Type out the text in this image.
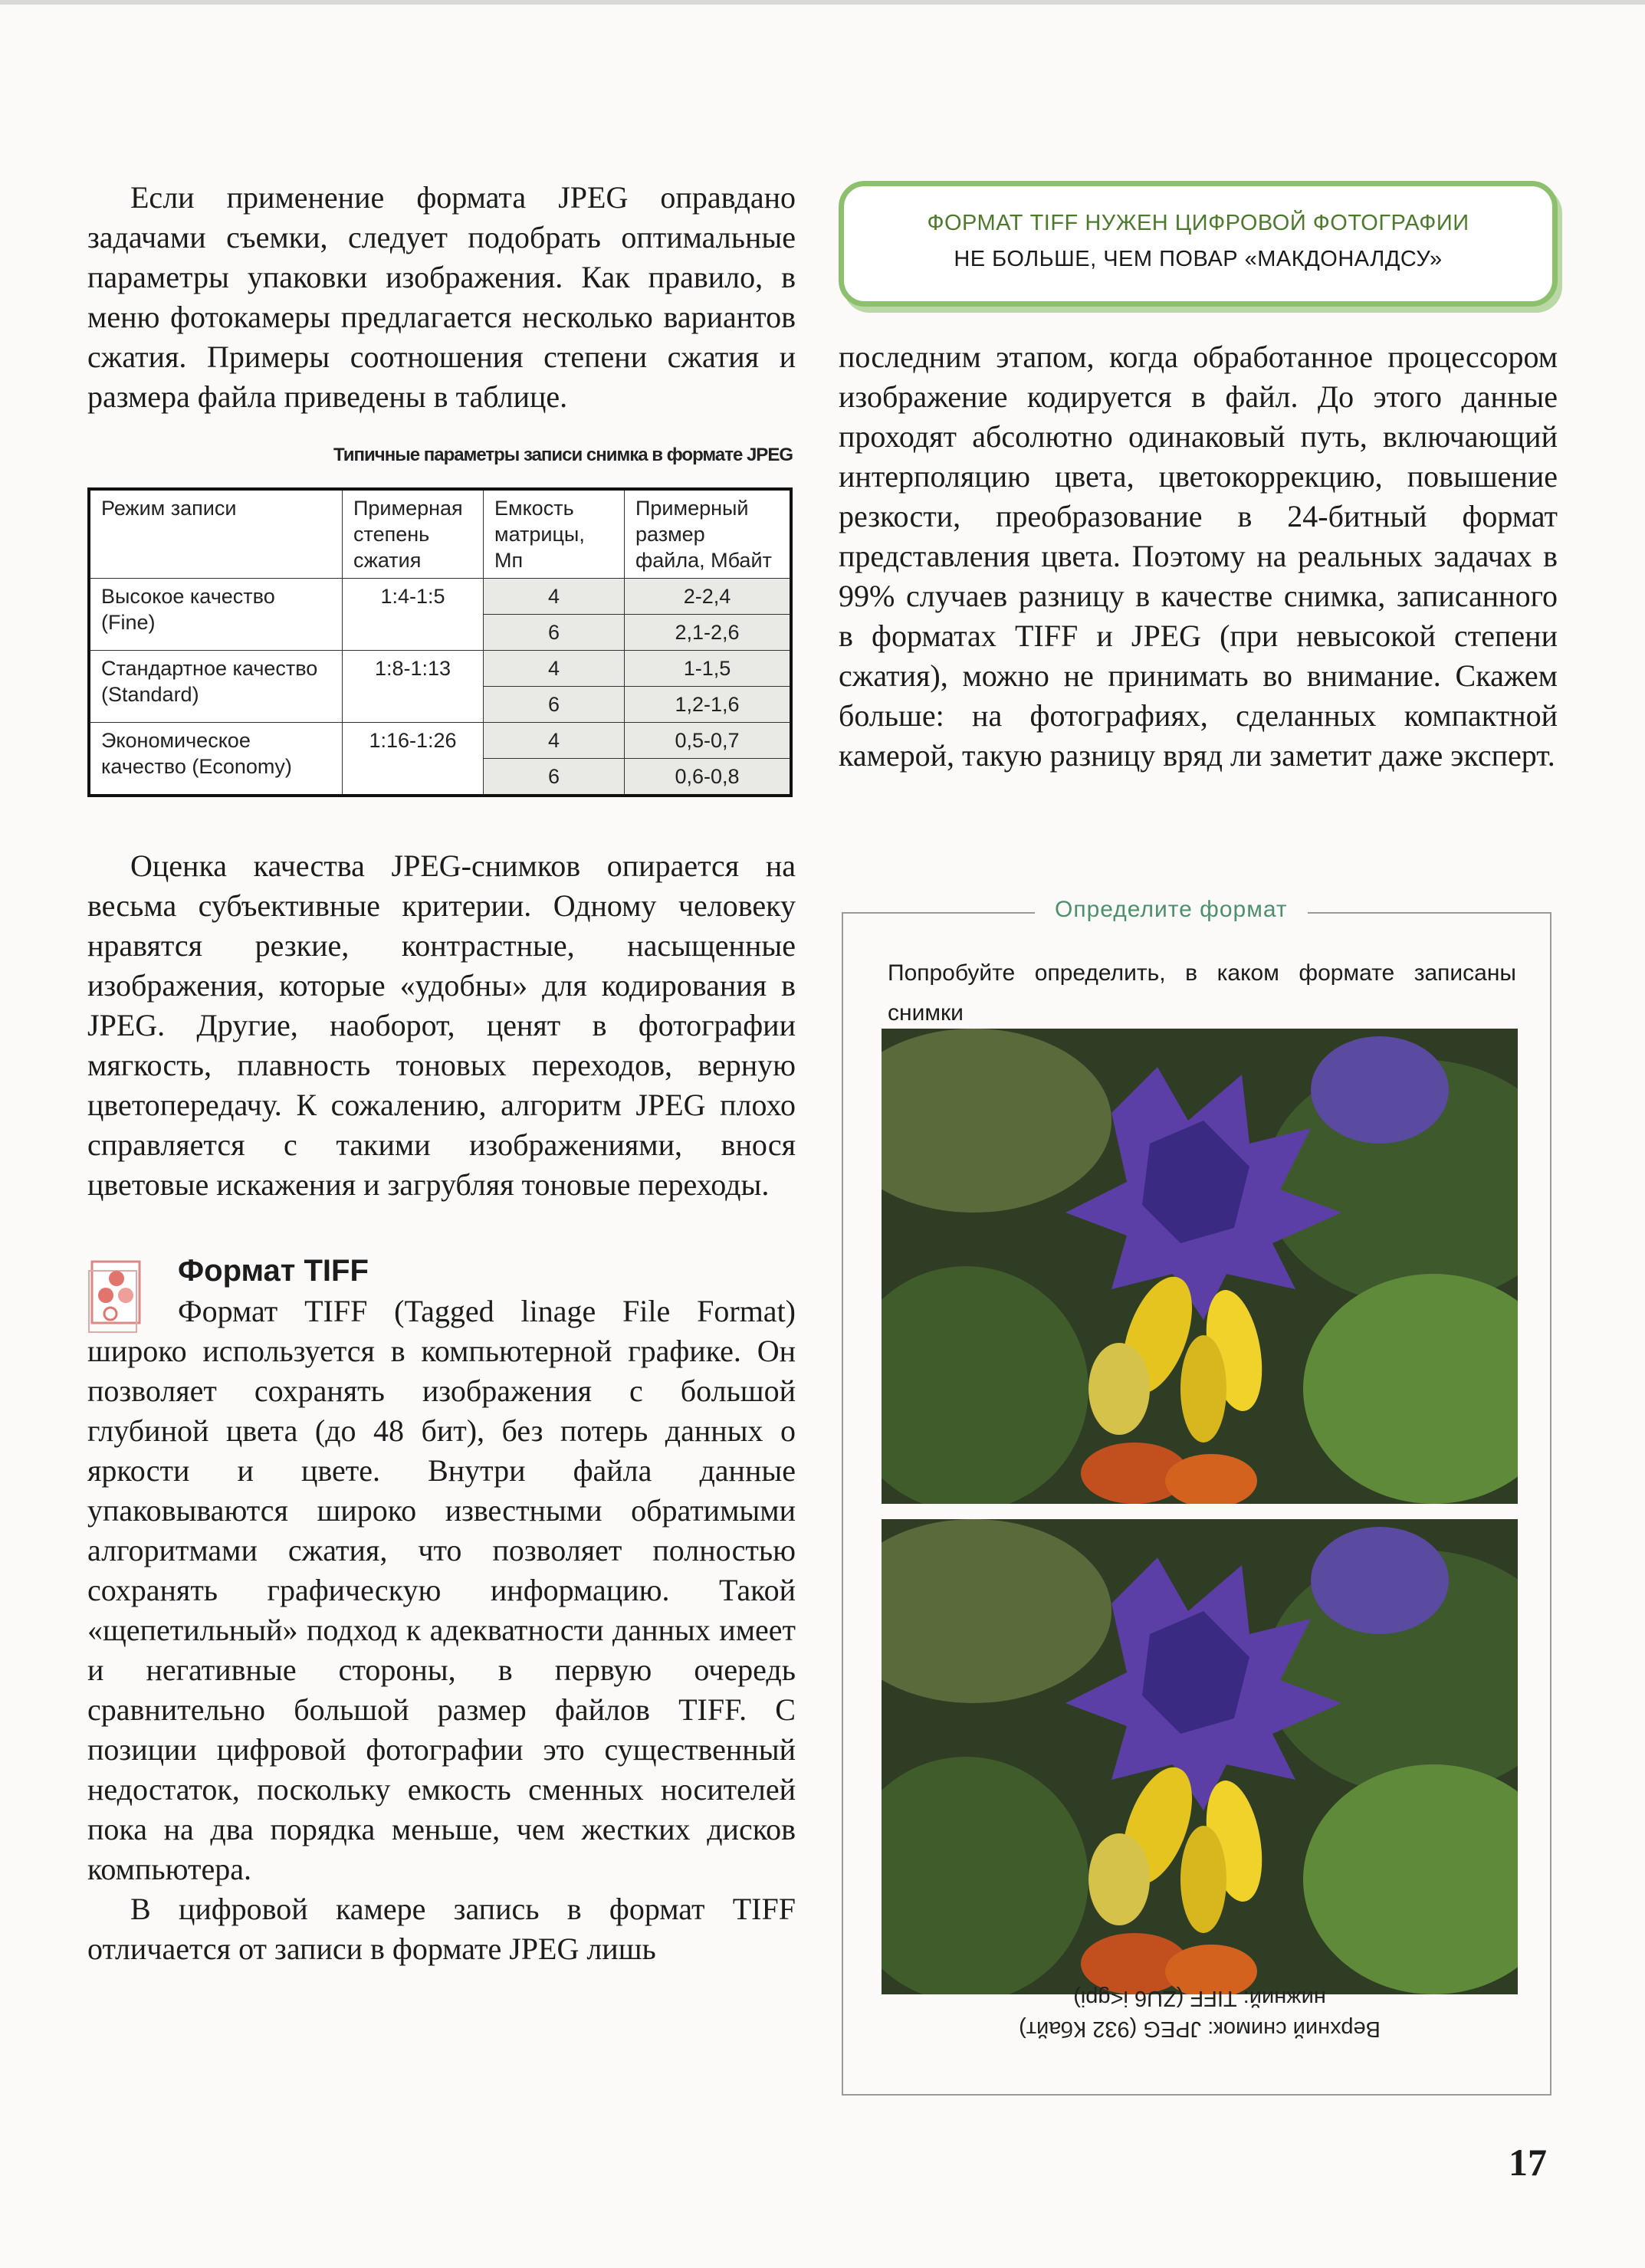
Если применение формата JPEG оправдано задачами съемки, следует подобрать оптимальные параметры упаковки изображения. Как правило, в меню фотокамеры предлагается несколько вариантов сжатия. Примеры соотношения степени сжатия и размера файла приведены в таблице.

Типичные параметры записи снимка в формате JPEG
Режим записи	Примерная степень сжатия	Емкость матрицы, Мп	Примерный размер файла, Мбайт
Высокое качество (Fine)	1:4-1:5	4	2-2,4
		6	2,1-2,6
Стандартное качество (Standard)	1:8-1:13	4	1-1,5
		6	1,2-1,6
Экономическое качество (Economy)	1:16-1:26	4	0,5-0,7
		6	0,6-0,8

Оценка качества JPEG-снимков опирается на весьма субъективные критерии. Одному человеку нравятся резкие, контрастные, насыщенные изображения, которые «удобны» для кодирования в JPEG. Другие, наоборот, ценят в фотографии мягкость, плавность тоновых переходов, верную цветопередачу. К сожалению, алгоритм JPEG плохо справляется с такими изображениями, внося цветовые искажения и загрубляя тоновые переходы.

Формат TIFF

Формат TIFF (Tagged linage File Format) широко используется в компьютерной графике. Он позволяет сохранять изображения с большой глубиной цвета (до 48 бит), без потерь данных о яркости и цвете. Внутри файла данные упаковываются широко известными обратимыми алгоритмами сжатия, что позволяет полностью сохранять графическую информацию. Такой «щепетильный» подход к адекватности данных имеет и негативные стороны, в первую очередь сравнительно большой размер файлов TIFF. С позиции цифровой фотографии это существенный недостаток, поскольку емкость сменных носителей пока на два порядка меньше, чем жестких дисков компьютера.

В цифровой камере запись в формат TIFF отличается от записи в формате JPEG лишь

ФОРМАТ TIFF НУЖЕН ЦИФРОВОЙ ФОТОГРАФИИ
НЕ БОЛЬШЕ, ЧЕМ ПОВАР «МАКДОНАЛДСУ»

последним этапом, когда обработанное процессором изображение кодируется в файл. До этого данные проходят абсолютно одинаковый путь, включающий интерполяцию цвета, цветокоррекцию, повышение резкости, преобразование в 24-битный формат представления цвета. Поэтому на реальных задачах в 99% случаев разницу в качестве снимка, записанного в форматах TIFF и JPEG (при невысокой степени сжатия), можно не принимать во внимание. Скажем больше: на фотографиях, сделанных компактной камерой, такую разницу вряд ли заметит даже эксперт.

Определите формат
Попробуйте определить, в каком формате записаны снимки
Верхний снимок: JPEG (932 Кбайт)
нижний: TIFF (ZU6 i<gpi)
17
